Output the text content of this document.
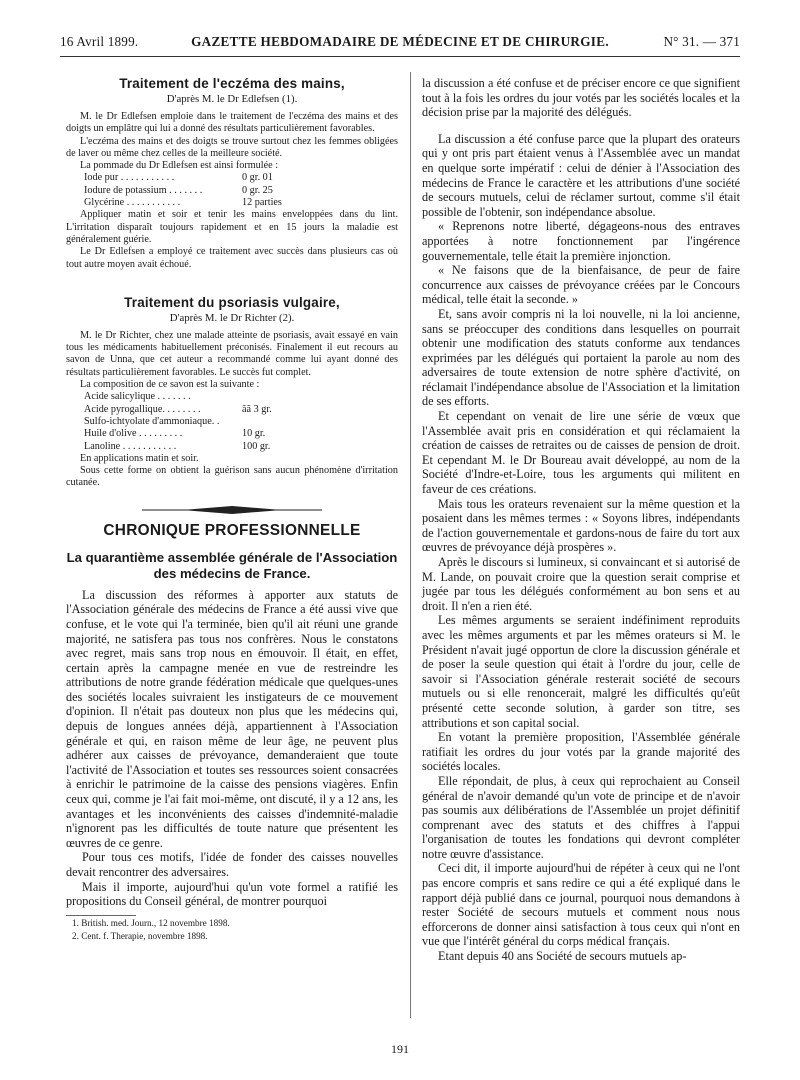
16 Avril 1899.	GAZETTE HEBDOMADAIRE DE MÉDECINE ET DE CHIRURGIE.	N° 31. — 371

Traitement de l'eczéma des mains,

D'après M. le Dr Edlefsen (1).

M. le Dr Edlefsen emploie dans le traitement de l'eczéma des mains et des doigts un emplâtre qui lui a donné des résultats particulièrement favorables.

L'eczéma des mains et des doigts se trouve surtout chez les femmes obligées de laver ou même chez celles de la meilleure société.

La pommade du Dr Edlefsen est ainsi formulée :

Iode pur . . . . . . . . . . .	0 gr. 01
Iodure de potassium . . . . . . .	0 gr. 25
Glycérine . . . . . . . . . . .	12 parties

Appliquer matin et soir et tenir les mains enveloppées dans du lint. L'irritation disparaît toujours rapidement et en 15 jours la maladie est généralement guérie.

Le Dr Edlefsen a employé ce traitement avec succès dans plusieurs cas où tout autre moyen avait échoué.

Traitement du psoriasis vulgaire,

D'après M. le Dr Richter (2).

M. le Dr Richter, chez une malade atteinte de psoriasis, avait essayé en vain tous les médicaments habituellement préconisés. Finalement il eut recours au savon de Unna, que cet auteur a recommandé comme lui ayant donné des résultats particulièrement favorables. Le succès fut complet.

La composition de ce savon est la suivante :

Acide salicylique . . . . . . .
Acide pyrogallique. . . . . . . .	ãã 3 gr.
Sulfo-ichtyolate d'ammoniaque. .
Huile d'olive . . . . . . . . .	10 gr.
Lanoline . . . . . . . . . . .	100 gr.

En applications matin et soir.

Sous cette forme on obtient la guérison sans aucun phénomène d'irritation cutanée.

CHRONIQUE PROFESSIONNELLE

La quarantième assemblée générale de l'Association des médecins de France.

La discussion des réformes à apporter aux statuts de l'Association générale des médecins de France a été aussi vive que confuse, et le vote qui l'a terminée, bien qu'il ait réuni une grande majorité, ne satisfera pas tous nos confrères. Nous le constatons avec regret, mais sans trop nous en émouvoir. Il était, en effet, certain après la campagne menée en vue de restreindre les attributions de notre grande fédération médicale que quelques-unes des sociétés locales suivraient les instigateurs de ce mouvement d'opinion. Il n'était pas douteux non plus que les médecins qui, depuis de longues années déjà, appartiennent à l'Association générale et qui, en raison même de leur âge, ne peuvent plus adhérer aux caisses de prévoyance, demanderaient que toute l'activité de l'Association et toutes ses ressources soient consacrées à enrichir le patrimoine de la caisse des pensions viagères. Enfin ceux qui, comme je l'ai fait moi-même, ont discuté, il y a 12 ans, les avantages et les inconvénients des caisses d'indemnité-maladie n'ignorent pas les difficultés de toute nature que présentent les œuvres de ce genre.

Pour tous ces motifs, l'idée de fonder des caisses nouvelles devait rencontrer des adversaires.

Mais il importe, aujourd'hui qu'un vote formel a ratifié les propositions du Conseil général, de montrer pourquoi

1. British. med. Journ., 12 novembre 1898.

2. Cent. f. Therapie, novembre 1898.

la discussion a été confuse et de préciser encore ce que signifient tout à la fois les ordres du jour votés par les sociétés locales et la décision prise par la majorité des délégués.

La discussion a été confuse parce que la plupart des orateurs qui y ont pris part étaient venus à l'Assemblée avec un mandat en quelque sorte impératif : celui de dénier à l'Association des médecins de France le caractère et les attributions d'une société de secours mutuels, celui de réclamer surtout, comme s'il était possible de l'obtenir, son indépendance absolue.

« Reprenons notre liberté, dégageons-nous des entraves apportées à notre fonctionnement par l'ingérence gouvernementale, telle était la première injonction.

« Ne faisons que de la bienfaisance, de peur de faire concurrence aux caisses de prévoyance créées par le Concours médical, telle était la seconde. »

Et, sans avoir compris ni la loi nouvelle, ni la loi ancienne, sans se préoccuper des conditions dans lesquelles on pourrait obtenir une modification des statuts conforme aux tendances exprimées par les délégués qui portaient la parole au nom des adversaires de toute extension de notre sphère d'activité, on réclamait l'indépendance absolue de l'Association et la limitation de ses efforts.

Et cependant on venait de lire une série de vœux que l'Assemblée avait pris en considération et qui réclamaient la création de caisses de retraites ou de caisses de pension de droit. Et cependant M. le Dr Boureau avait développé, au nom de la Société d'Indre-et-Loire, tous les arguments qui militent en faveur de ces créations.

Mais tous les orateurs revenaient sur la même question et la posaient dans les mêmes termes : « Soyons libres, indépendants de l'action gouvernementale et gardons-nous de faire du tort aux œuvres de prévoyance déjà prospères ».

Après le discours si lumineux, si convaincant et si autorisé de M. Lande, on pouvait croire que la question serait comprise et jugée par tous les délégués conformément au bon sens et au droit. Il n'en a rien été.

Les mêmes arguments se seraient indéfiniment reproduits avec les mêmes arguments et par les mêmes orateurs si M. le Président n'avait jugé opportun de clore la discussion générale et de poser la seule question qui était à l'ordre du jour, celle de savoir si l'Association générale resterait société de secours mutuels ou si elle renoncerait, malgré les difficultés qu'eût présenté cette seconde solution, à garder son titre, ses attributions et son capital social.

En votant la première proposition, l'Assemblée générale ratifiait les ordres du jour votés par la grande majorité des sociétés locales.

Elle répondait, de plus, à ceux qui reprochaient au Conseil général de n'avoir demandé qu'un vote de principe et de n'avoir pas soumis aux délibérations de l'Assemblée un projet définitif comprenant avec des statuts et des chiffres à l'appui l'organisation de toutes les fondations qui devront compléter notre œuvre d'assistance.

Ceci dit, il importe aujourd'hui de répéter à ceux qui ne l'ont pas encore compris et sans redire ce qui a été expliqué dans le rapport déjà publié dans ce journal, pourquoi nous demandons à rester Société de secours mutuels et comment nous nous efforcerons de donner ainsi satisfaction à tous ceux qui n'ont en vue que l'intérêt général du corps médical français.

Etant depuis 40 ans Société de secours mutuels ap-

191
